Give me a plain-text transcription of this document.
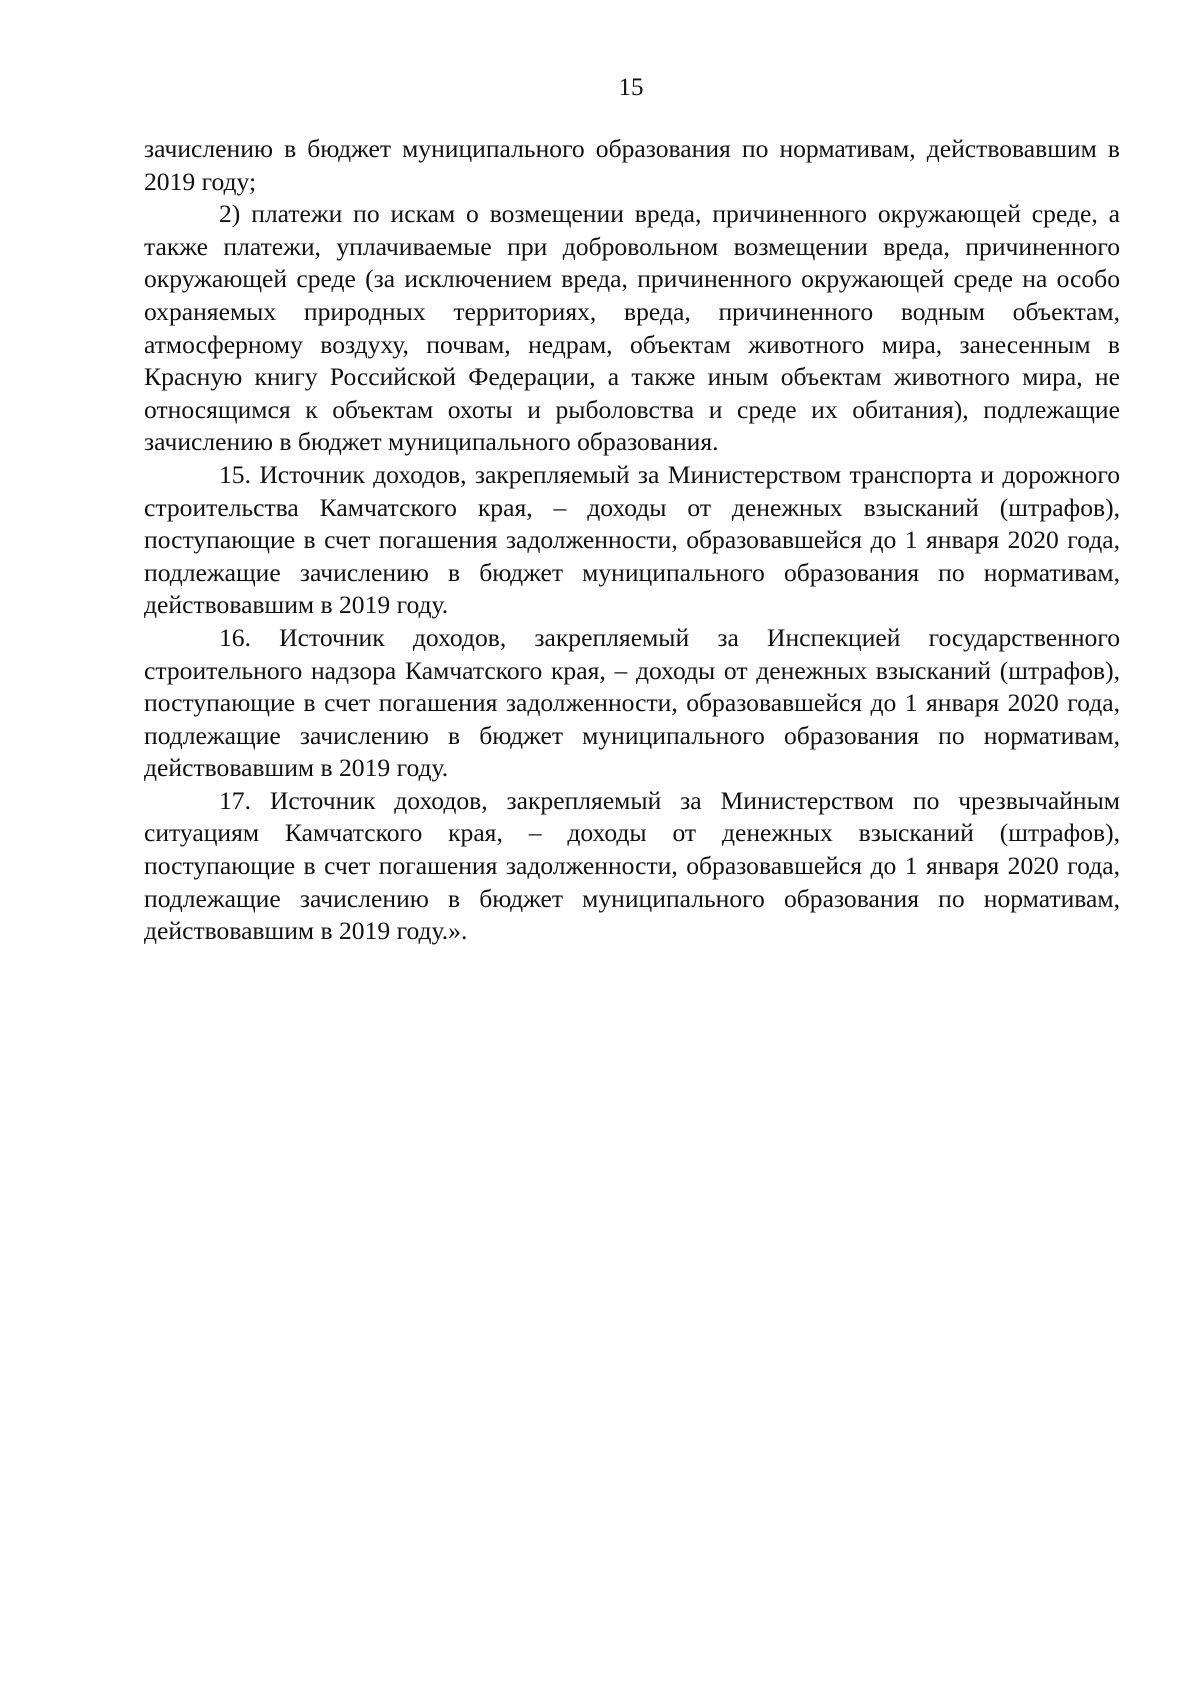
15

зачислению в бюджет муниципального образования по нормативам, действовавшим в 2019 году;

2) платежи по искам о возмещении вреда, причиненного окружающей среде, а также платежи, уплачиваемые при добровольном возмещении вреда, причиненного окружающей среде (за исключением вреда, причиненного окружающей среде на особо охраняемых природных территориях, вреда, причиненного водным объектам, атмосферному воздуху, почвам, недрам, объектам животного мира, занесенным в Красную книгу Российской Федерации, а также иным объектам животного мира, не относящимся к объектам охоты и рыболовства и среде их обитания), подлежащие зачислению в бюджет муниципального образования.

15. Источник доходов, закрепляемый за Министерством транспорта и дорожного строительства Камчатского края, – доходы от денежных взысканий (штрафов), поступающие в счет погашения задолженности, образовавшейся до 1 января 2020 года, подлежащие зачислению в бюджет муниципального образования по нормативам, действовавшим в 2019 году.

16. Источник доходов, закрепляемый за Инспекцией государственного строительного надзора Камчатского края, – доходы от денежных взысканий (штрафов), поступающие в счет погашения задолженности, образовавшейся до 1 января 2020 года, подлежащие зачислению в бюджет муниципального образования по нормативам, действовавшим в 2019 году.

17. Источник доходов, закрепляемый за Министерством по чрезвычайным ситуациям Камчатского края, – доходы от денежных взысканий (штрафов), поступающие в счет погашения задолженности, образовавшейся до 1 января 2020 года, подлежащие зачислению в бюджет муниципального образования по нормативам, действовавшим в 2019 году.».
